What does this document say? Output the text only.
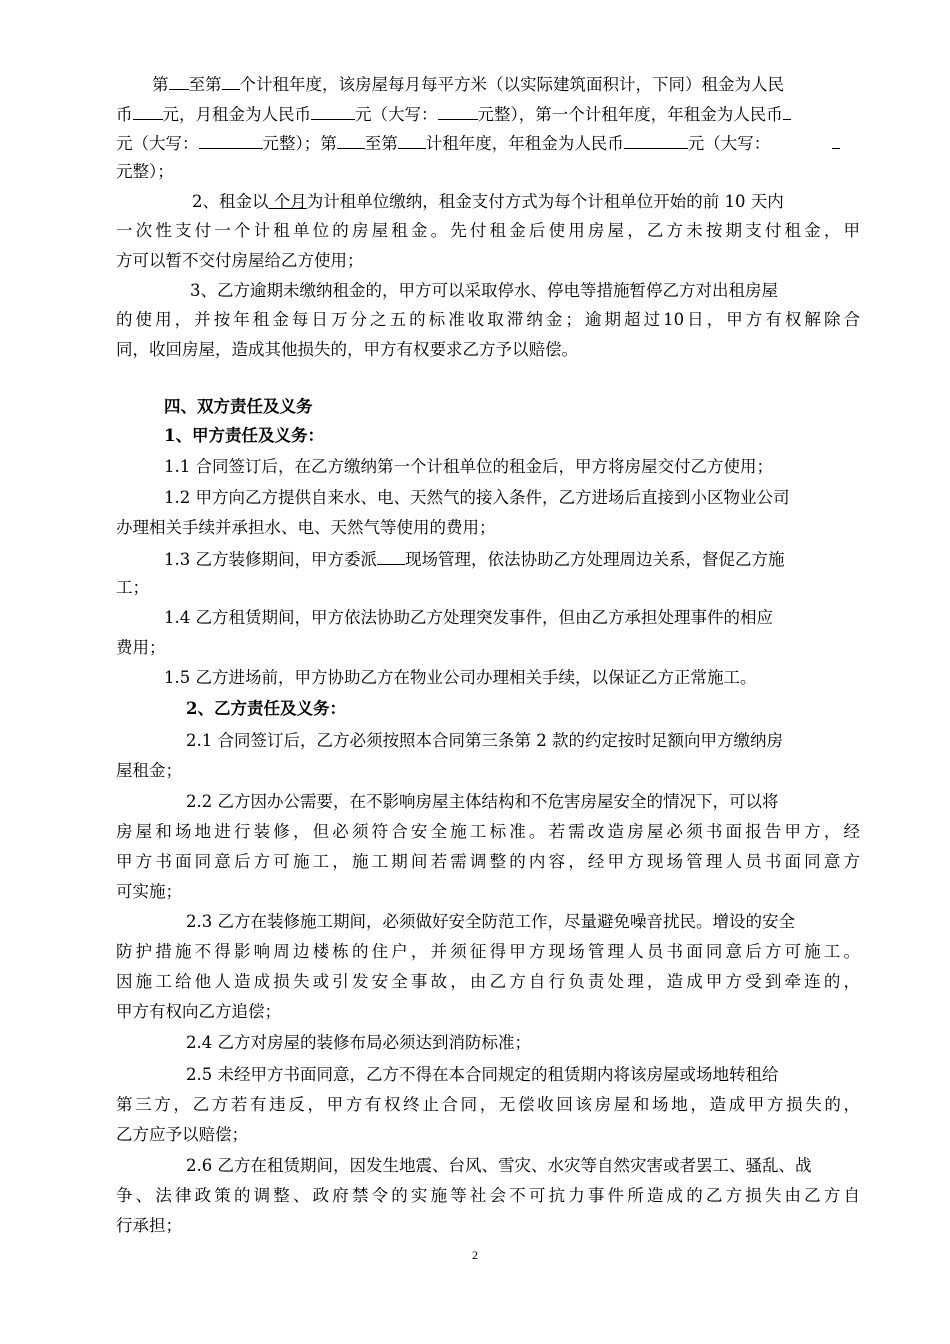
第 至第 个计租年度，该房屋每月每平方米（以实际建筑面积计，下同）租金为人民
币 元，月租金为人民币	元（大写： 元整），第一个计租年度，年租金为人民币
元（大写：	元整）；第 至第 计租年度，年租金为人民币	元（大写：
元整）；
2、租金以 个月为计租单位缴纳，租金支付方式为每个计租单位开始的前 10 天内
一次性支付一个计租单位的房屋租金。先付租金后使用房屋，乙方未按期支付租金，甲
方可以暂不交付房屋给乙方使用；
3、乙方逾期未缴纳租金的，甲方可以采取停水、停电等措施暂停乙方对出租房屋
的使用，并按年租金每日万分之五的标准收取滞纳金；逾期超过10日，甲方有权解除合
同，收回房屋，造成其他损失的，甲方有权要求乙方予以赔偿。
四、双方责任及义务
1、甲方责任及义务：
1.1 合同签订后，在乙方缴纳第一个计租单位的租金后，甲方将房屋交付乙方使用；
1.2 甲方向乙方提供自来水、电、天然气的接入条件，乙方进场后直接到小区物业公司
办理相关手续并承担水、电、天然气等使用的费用；
1.3 乙方装修期间，甲方委派 现场管理，依法协助乙方处理周边关系，督促乙方施
工；
1.4 乙方租赁期间，甲方依法协助乙方处理突发事件，但由乙方承担处理事件的相应
费用；
1.5 乙方进场前，甲方协助乙方在物业公司办理相关手续，以保证乙方正常施工。
2、乙方责任及义务：
2.1 合同签订后，乙方必须按照本合同第三条第 2 款的约定按时足额向甲方缴纳房
屋租金；
2.2 乙方因办公需要，在不影响房屋主体结构和不危害房屋安全的情况下，可以将
房屋和场地进行装修，但必须符合安全施工标准。若需改造房屋必须书面报告甲方，经
甲方书面同意后方可施工，施工期间若需调整的内容，经甲方现场管理人员书面同意方
可实施；
2.3 乙方在装修施工期间，必须做好安全防范工作，尽量避免噪音扰民。增设的安全
防护措施不得影响周边楼栋的住户，并须征得甲方现场管理人员书面同意后方可施工。
因施工给他人造成损失或引发安全事故，由乙方自行负责处理，造成甲方受到牵连的，
甲方有权向乙方追偿；
2.4 乙方对房屋的装修布局必须达到消防标准；
2.5 未经甲方书面同意，乙方不得在本合同规定的租赁期内将该房屋或场地转租给
第三方，乙方若有违反，甲方有权终止合同，无偿收回该房屋和场地，造成甲方损失的，
乙方应予以赔偿；
2.6 乙方在租赁期间，因发生地震、台风、雪灾、水灾等自然灾害或者罢工、骚乱、战
争、法律政策的调整、政府禁令的实施等社会不可抗力事件所造成的乙方损失由乙方自
行承担；
2
